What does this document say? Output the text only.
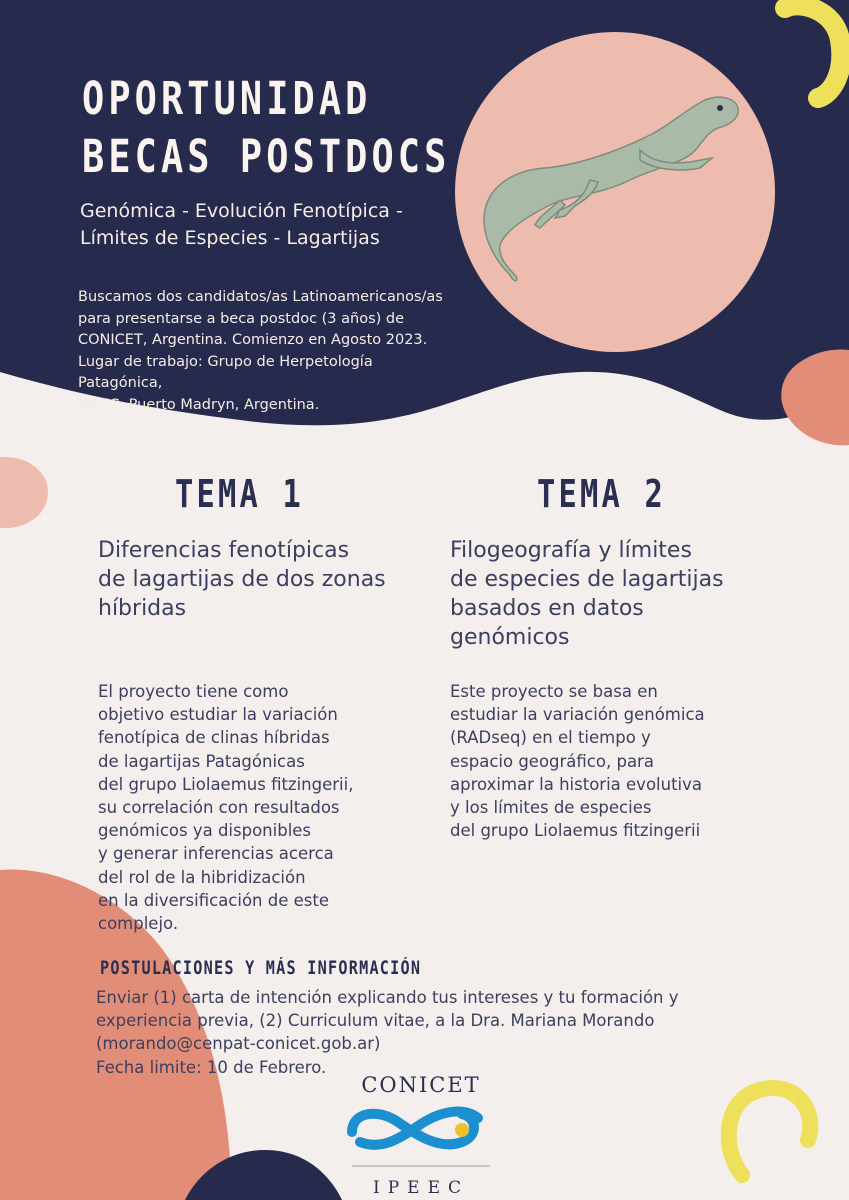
OPORTUNIDAD
BECAS POSTDOCS
Genómica - Evolución Fenotípica -
Límites de Especies - Lagartijas
Buscamos dos candidatos/as Latinoamericanos/as
para presentarse a beca postdoc (3 años) de
CONICET, Argentina. Comienzo en Agosto 2023.
Lugar de trabajo: Grupo de Herpetología Patagónica,
IPEEC, Puerto Madryn, Argentina.
TEMA 1	TEMA 2
Diferencias fenotípicas
de lagartijas de dos zonas
híbridas
Filogeografía y límites
de especies de lagartijas
basados en datos
genómicos
El proyecto tiene como
objetivo estudiar la variación
fenotípica de clinas híbridas
de lagartijas Patagónicas
del grupo Liolaemus fitzingerii,
su correlación con resultados
genómicos ya disponibles
y generar inferencias acerca
del rol de la hibridización
en la diversificación de este
complejo.
Este proyecto se basa en
estudiar la variación genómica
(RADseq) en el tiempo y
espacio geográfico, para
aproximar la historia evolutiva
y los límites de especies
del grupo Liolaemus fitzingerii
POSTULACIONES Y MÁS INFORMACIÓN
Enviar (1) carta de intención explicando tus intereses y tu formación y
experiencia previa, (2) Curriculum vitae, a la Dra. Mariana Morando
(morando@cenpat-conicet.gob.ar)
Fecha limite: 10 de Febrero.
CONICET
IPEEC
